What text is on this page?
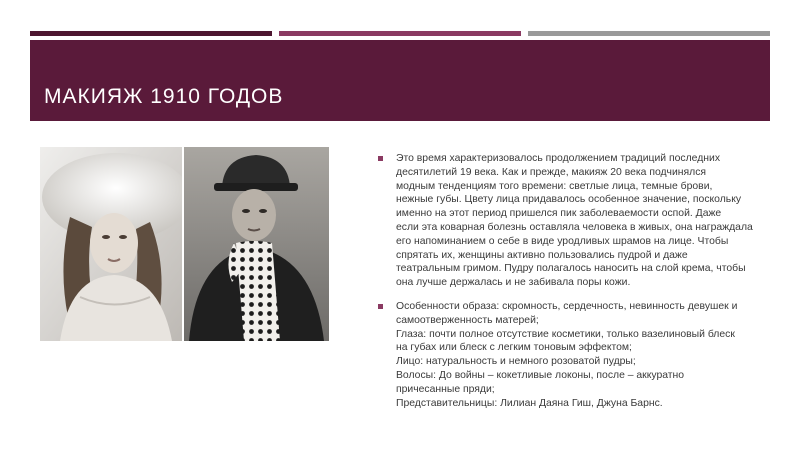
МАКИЯЖ 1910 ГОДОВ
Это время характеризовалось продолжением традиций последних
десятилетий 19 века. Как и прежде, макияж 20 века подчинялся
модным тенденциям того времени: светлые лица, темные брови,
нежные губы. Цвету лица придавалось особенное значение, поскольку
именно на этот период пришелся пик заболеваемости оспой. Даже
если эта коварная болезнь оставляла человека в живых, она награждала
его напоминанием о себе в виде уродливых шрамов на лице. Чтобы
спрятать их, женщины активно пользовались пудрой и даже
театральным гримом. Пудру полагалось наносить на слой крема, чтобы
она лучше держалась и не забивала поры кожи.
Особенности образа: скромность, сердечность, невинность девушек и
самоотверженность матерей;
Глаза: почти полное отсутствие косметики, только вазелиновый блеск
на губах или блеск с легким тоновым эффектом;
Лицо: натуральность и немного розоватой пудры;
Волосы: До войны – кокетливые локоны, после – аккуратно
причесанные пряди;
Представительницы: Лилиан Даяна Гиш, Джуна Барнс.
